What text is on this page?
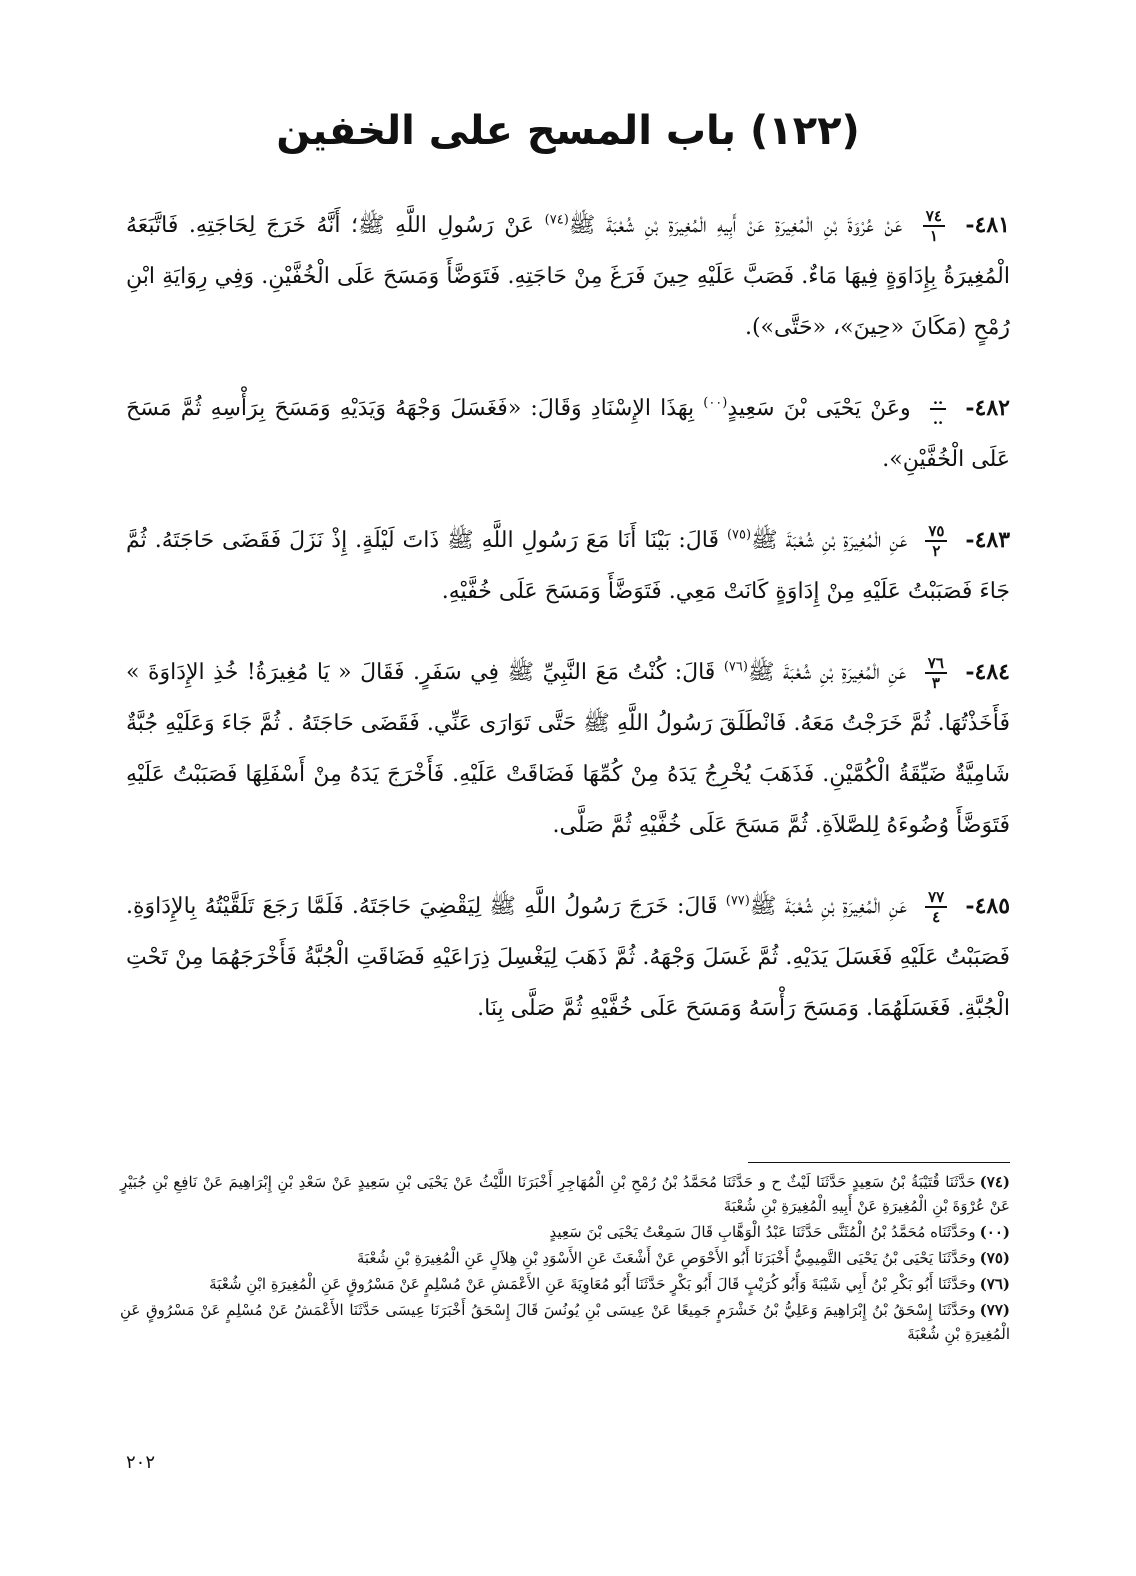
(١٢٢) باب المسح على الخفين

٤٨١-
$\frac{٧٤}{١}$
عَنْ عُرْوَةَ بْنِ الْمُغِيرَةِ عَنْ أَبِيهِ الْمُغِيرَةِ بْنِ شُعْبَةَ ﷺ$^{(٧٤)}$ عَنْ رَسُولِ اللَّهِ ﷺ؛ أَنَّهُ خَرَجَ لِحَاجَتِهِ. فَاتَّبَعَهُ الْمُغِيرَةُ بِإِدَاوَةٍ فِيهَا مَاءٌ. فَصَبَّ عَلَيْهِ حِينَ فَرَغَ مِنْ حَاجَتِهِ. فَتَوَضَّأَ وَمَسَحَ عَلَى الْخُفَّيْنِ. وَفِي رِوَايَةِ ابْنِ رُمْحٍ (مَكَانَ «حِينَ»، «حَتَّى»).

٤٨٢-
$\frac{..}{..}$
وعَنْ يَحْيَى بْنَ سَعِيدٍ$^{(٠٠)}$ بِهَذَا الإِسْنَادِ وَقَالَ: «فَغَسَلَ وَجْهَهُ وَيَدَيْهِ وَمَسَحَ بِرَأْسِهِ ثُمَّ مَسَحَ عَلَى الْخُفَّيْنِ».

٤٨٣-
$\frac{٧٥}{٢}$
عَنِ الْمُغِيرَةِ بْنِ شُعْبَةَ ﷺ$^{(٧٥)}$ قَالَ: بَيْنَا أَنَا مَعَ رَسُولِ اللَّهِ ﷺ ذَاتَ لَيْلَةٍ. إِذْ نَزَلَ فَقَضَى حَاجَتَهُ. ثُمَّ جَاءَ فَصَبَبْتُ عَلَيْهِ مِنْ إِدَاوَةٍ كَانَتْ مَعِي. فَتَوَضَّأَ وَمَسَحَ عَلَى خُفَّيْهِ.

٤٨٤-
$\frac{٧٦}{٣}$
عَنِ الْمُغِيرَةِ بْنِ شُعْبَةَ ﷺ$^{(٧٦)}$ قَالَ: كُنْتُ مَعَ النَّبِيِّ ﷺ فِي سَفَرٍ. فَقَالَ « يَا مُغِيرَةُ! خُذِ الإِدَاوَةَ » فَأَخَذْتُهَا. ثُمَّ خَرَجْتُ مَعَهُ. فَانْطَلَقَ رَسُولُ اللَّهِ ﷺ حَتَّى تَوَارَى عَنِّي. فَقَضَى حَاجَتَهُ . ثُمَّ جَاءَ وَعَلَيْهِ جُبَّةٌ شَامِيَّةٌ ضَيِّقَةُ الْكُمَّيْنِ. فَذَهَبَ يُخْرِجُ يَدَهُ مِنْ كُمِّهَا فَضَاقَتْ عَلَيْهِ. فَأَخْرَجَ يَدَهُ مِنْ أَسْفَلِهَا فَصَبَبْتُ عَلَيْهِ فَتَوَضَّأَ وُضُوءَهُ لِلصَّلاَةِ. ثُمَّ مَسَحَ عَلَى خُفَّيْهِ ثُمَّ صَلَّى.

٤٨٥-
$\frac{٧٧}{٤}$
عَنِ الْمُغِيرَةِ بْنِ شُعْبَةَ ﷺ$^{(٧٧)}$ قَالَ: خَرَجَ رَسُولُ اللَّهِ ﷺ لِيَقْضِيَ حَاجَتَهُ. فَلَمَّا رَجَعَ تَلَقَّيْتُهُ بِالإِدَاوَةِ. فَصَبَبْتُ عَلَيْهِ فَغَسَلَ يَدَيْهِ. ثُمَّ غَسَلَ وَجْهَهُ. ثُمَّ ذَهَبَ لِيَغْسِلَ ذِرَاعَيْهِ فَضَاقَتِ الْجُبَّةُ فَأَخْرَجَهُمَا مِنْ تَحْتِ الْجُبَّةِ. فَغَسَلَهُمَا. وَمَسَحَ رَأْسَهُ وَمَسَحَ عَلَى خُفَّيْهِ ثُمَّ صَلَّى بِنَا.

(٧٤)حَدَّثَنَا قُتَيْبَةُ بْنُ سَعِيدٍ حَدَّثَنَا لَيْثٌ ح و حَدَّثَنَا مُحَمَّدُ بْنُ رُمْحِ بْنِ الْمُهَاجِرِ أَخْبَرَنَا اللَّيْثُ عَنْ يَحْيَى بْنِ سَعِيدٍ عَنْ سَعْدِ بْنِ إِبْرَاهِيمَ عَنْ نَافِعِ بْنِ جُبَيْرٍ عَنْ عُرْوَةَ بْنِ الْمُغِيرَةِ عَنْ أَبِيهِ الْمُغِيرَةِ بْنِ شُعْبَةَ

(٠٠)وحَدَّثَنَاه مُحَمَّدُ بْنُ الْمُثَنَّى حَدَّثَنَا عَبْدُ الْوَهَّابِ قَالَ سَمِعْتُ يَحْيَى بْنَ سَعِيدٍ

(٧٥)وحَدَّثَنَا يَحْيَى بْنُ يَحْيَى التَّمِيمِيُّ أَخْبَرَنَا أَبُو الأَحْوَصِ عَنْ أَشْعَثَ عَنِ الأَسْوَدِ بْنِ هِلاَلٍ عَنِ الْمُغِيرَةِ بْنِ شُعْبَةَ

(٧٦)وحَدَّثَنَا أَبُو بَكْرِ بْنُ أَبِي شَيْبَةَ وَأَبُو كُرَيْبٍ قَالَ أَبُو بَكْرٍ حَدَّثَنَا أَبُو مُعَاوِيَةَ عَنِ الأَعْمَشِ عَنْ مُسْلِمٍ عَنْ مَسْرُوقٍ عَنِ الْمُغِيرَةِ ابْنِ شُعْبَةَ

(٧٧)وحَدَّثَنَا إِسْحَقُ بْنُ إِبْرَاهِيمَ وَعَلِيُّ بْنُ خَشْرَمٍ جَمِيعًا عَنْ عِيسَى بْنِ يُونُسَ قَالَ إِسْحَقُ أَخْبَرَنَا عِيسَى حَدَّثَنَا الأَعْمَشُ عَنْ مُسْلِمٍ عَنْ مَسْرُوقٍ عَنِ الْمُغِيرَةِ بْنِ شُعْبَةَ

٢٠٢
